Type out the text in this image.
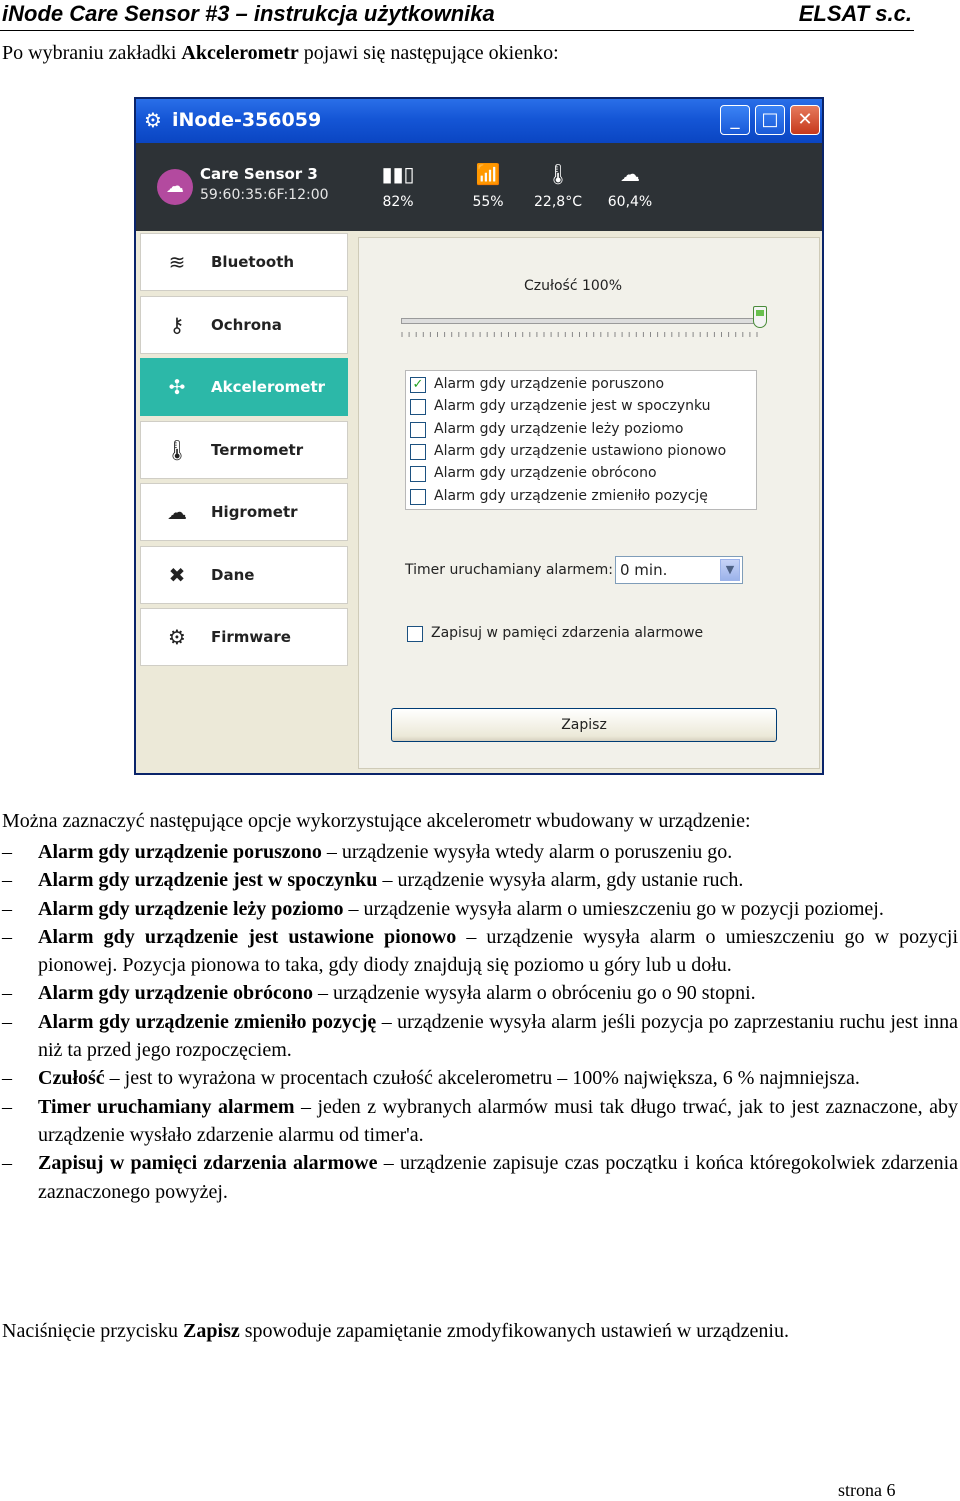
iNode Care Sensor #3 – instrukcja użytkownika	ELSAT s.c.
Po wybraniu zakładki Akcelerometr pojawi się następujące okienko:
⚙ iNode-356059	_	□	✕
☁
Care Sensor 3
59:60:35:6F:12:00
▮▮▯
82%
📶
55%
🌡
22,8°C
☁
60,4%
≋	Bluetooth
⚷	Ochrona
✣	Akcelerometr
🌡 Termometr
☁ Higrometr
✖	Dane
⚙	Firmware
Czułość 100%
✓ Alarm gdy urządzenie poruszono
Alarm gdy urządzenie jest w spoczynku
Alarm gdy urządzenie leży poziomo
Alarm gdy urządzenie ustawiono pionowo
Alarm gdy urządzenie obrócono
Alarm gdy urządzenie zmieniło pozycję
Timer uruchamiany alarmem: 0 min.	▼
Zapisuj w pamięci zdarzenia alarmowe
Zapisz
Można zaznaczyć następujące opcje wykorzystujące akcelerometr wbudowany w urządzenie:
– Alarm gdy urządzenie poruszono – urządzenie wysyła wtedy alarm o poruszeniu go.
– Alarm gdy urządzenie jest w spoczynku – urządzenie wysyła alarm, gdy ustanie ruch.
– Alarm gdy urządzenie leży poziomo – urządzenie wysyła alarm o umieszczeniu go w pozycji poziomej.
– Alarm gdy urządzenie jest ustawione pionowo – urządzenie wysyła alarm o umieszczeniu go w pozycji pionowej. Pozycja pionowa to taka, gdy diody znajdują się poziomo u góry lub u dołu.
– Alarm gdy urządzenie obrócono – urządzenie wysyła alarm o obróceniu go o 90 stopni.
– Alarm gdy urządzenie zmieniło pozycję – urządzenie wysyła alarm jeśli pozycja po zaprzestaniu ruchu jest inna niż ta przed jego rozpoczęciem.
– Czułość – jest to wyrażona w procentach czułość akcelerometru – 100% największa, 6 % najmniejsza.
– Timer uruchamiany alarmem – jeden z wybranych alarmów musi tak długo trwać, jak to jest zaznaczone, aby urządzenie wysłało zdarzenie alarmu od timer'a.
– Zapisuj w pamięci zdarzenia alarmowe – urządzenie zapisuje czas początku i końca któregokolwiek zdarzenia zaznaczonego powyżej.
Naciśnięcie przycisku Zapisz spowoduje zapamiętanie zmodyfikowanych ustawień w urządzeniu.
strona 6
